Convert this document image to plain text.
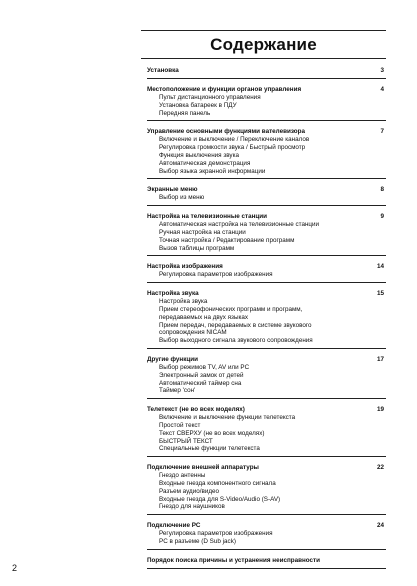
Содержание
Установка	3
Местоположение и функции органов управления	4
Пульт дистанционного управления
Установка батареек в ПДУ
Передняя панель
Управление основными функциями вателевизора	7
Включение и выключение / Переключение каналов
Регулировка громкости звука / Быстрый просмотр
Функция выключения звука
Автоматическая демонстрация
Выбор языка экранной информации
Экранные меню	8
Выбор из меню
Настройка на телевизионные станции	9
Автоматическая настройка на телевизионные станции
Ручная настройка на станции
Точная настройка / Редактирование программ
Вызов таблицы программ
Настройка изображения	14
Регулировка параметров изображения
Настройка звука	15
Настройка звука
Прием стереофонических программ и программ,
передаваемых на двух языках
Прием передач, передаваемых в системе звукового
сопровождения NICAM
Выбор выходного сигнала звукового сопровождения
Другие функции	17
Выбор режимов TV, AV или PC
Электронный замок от детей
Автоматический таймер сна
Таймер 'сон'
Телетекст (не во всех моделях)	19
Включение и выключение функции телетекста
Простой текст
Текст СВЕРХУ (не во всех моделях)
БЫСТРЫЙ ТЕКСТ
Специальные функции телетекста
Подключение внешней аппаратуры	22
Гнездо антенны
Входные гнезда компонентного сигнала
Разъем аудио/видео
Входные гнезда для S-Video/Audio (S-AV)
Гнездо для наушников
Подключение PC	24
Регулировка параметров изображения
PC в разъеме (D Sub jack)
Порядок поиска причины и устранения неисправности
2
